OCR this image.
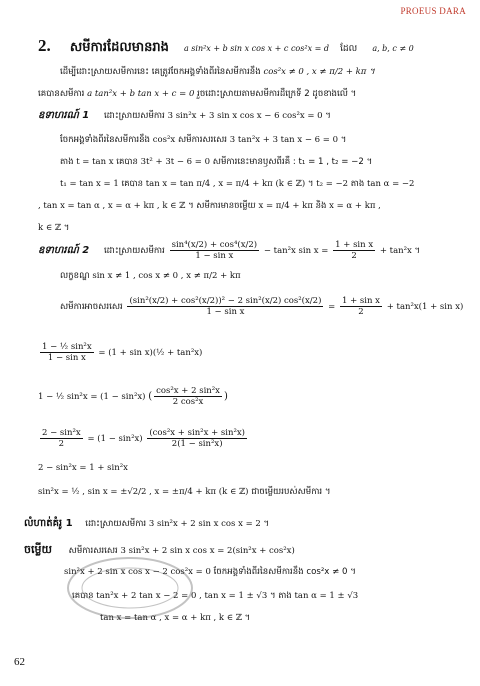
PROEUS DARA
2. សមីការដែលមានរាង a sin²x + b sin x cos x + c cos²x = d ដែល a, b, c ≠ 0
ដើម្បីដោះស្រាយសមីការនេះ គេត្រូវចែកអង្គទាំងពីរនៃសមីការនឹង cos²x ≠ 0 , x ≠ π/2 + kπ ។
គេបានសមីការ a tan²x + b tan x + c = 0 រួចដោះស្រាយតាមសមីការដឺក្រេទី 2 ដូចខាងលើ ។
ឧទាហរណ៍ 1 ដោះស្រាយសមីការ 3 sin²x + 3 sin x cos x − 6 cos²x = 0 ។
ចែកអង្គទាំងពីរនៃសមីការនឹង cos²x សមីការសរសេរ 3 tan²x + 3 tan x − 6 = 0 ។
តាង t = tan x គេបាន 3t² + 3t − 6 = 0 សមីការនេះមានឫសពីរគឺ : t₁ = 1 , t₂ = −2 ។
t₁ = tan x = 1 គេបាន tan x = tan π/4 , x = π/4 + kπ (k ∈ ℤ) ។ t₂ = −2 តាង tan α = −2
, tan x = tan α , x = α + kπ , k ∈ ℤ ។ សមីការមានចម្លើយ x = π/4 + kπ និង x = α + kπ ,
k ∈ ℤ ។
ឧទាហរណ៍ 2 ដោះស្រាយសមីការ $\frac{\text{sin⁴(x/2) + cos⁴(x/2)}}{\text{1 − sin x}} - \tan^2x$ $\sin x = \frac{\text{1 + sin x}}{2} + \tan^2x$ ។
លក្ខខណ្ឌ sin x ≠ 1 , cos x ≠ 0 , x ≠ π/2 + kπ
សមីការអាចសរសេរ $\frac{\text{(sin²(x/2) + cos²(x/2))² − 2 sin²(x/2) cos²(x/2)}}{\text{1 − sin x}} = \frac{\text{1 + sin x}}{2} + \tan^2x(1 + \sin x)$
$\frac{\text{1 − ½ sin²x}}{\text{1 − sin x}} = (1 + \sin$ x)(½ + tan²x)
1 − ½ sin²x = (1 − sin²x) ( $\frac{\text{cos²x + 2 sin²x}}{\text{2 cos²x}}$ )
$\frac{\text{2 − sin²x}}{2} = (1 - \sin^2x) \frac{\text{(cos²x + sin²x + sin²x)}}{\text{2(1 − sin²x)}}$
2 − sin²x = 1 + sin²x
sin²x = ½ , sin x = ±√2/2 , x = ±π/4 + kπ (k ∈ ℤ) ជាចម្លើយរបស់សមីការ ។
លំហាត់គំរូ 1 ដោះស្រាយសមីការ 3 sin²x + 2 sin x cos x = 2 ។
ចម្លើយ សមីការសរសេរ 3 sin²x + 2 sin x cos x = 2(sin²x + cos²x)
sin²x + 2 sin x cos x − 2 cos²x = 0 ចែកអង្គទាំងពីរនៃសមីការនឹង cos²x ≠ 0 ។
គេបាន tan²x + 2 tan x − 2 = 0 , tan x = 1 ± √3 ។ តាង tan α = 1 ± √3
tan x = tan α , x = α + kπ , k ∈ ℤ ។
62
